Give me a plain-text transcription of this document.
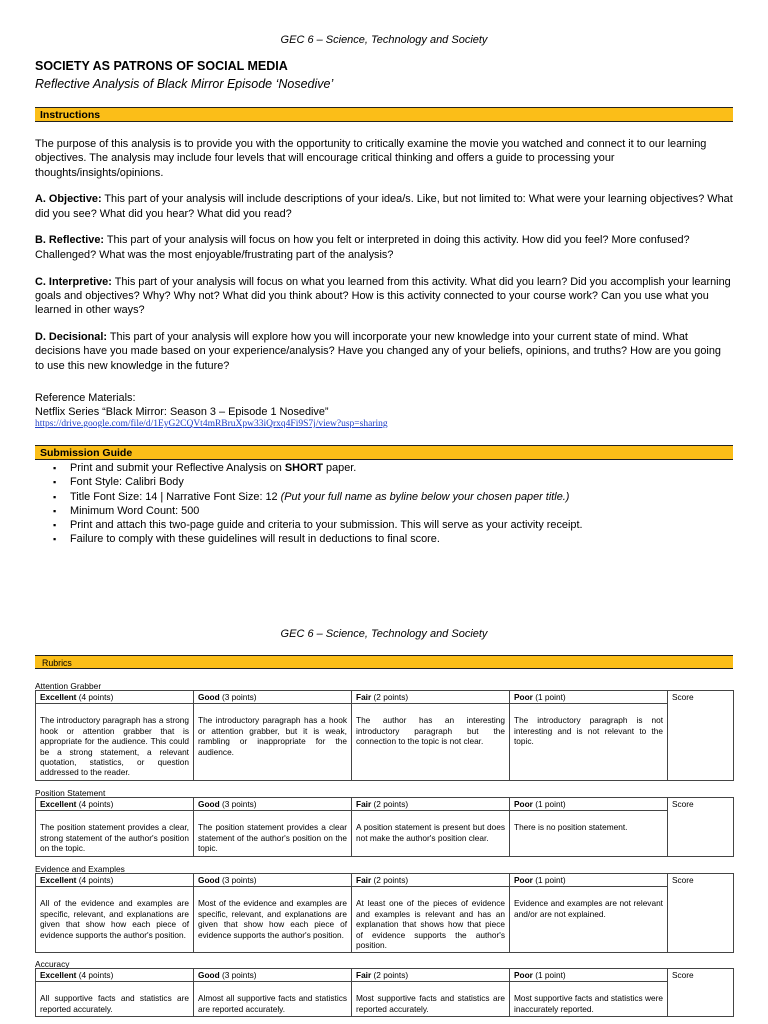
GEC 6 – Science, Technology and Society
SOCIETY AS PATRONS OF SOCIAL MEDIA
Reflective Analysis of Black Mirror Episode ‘Nosedive’
Instructions

The purpose of this analysis is to provide you with the opportunity to critically examine the movie you watched and connect it to our learning objectives. The analysis may include four levels that will encourage critical thinking and offers a guide to processing your thoughts/insights/opinions.

A. Objective: This part of your analysis will include descriptions of your idea/s. Like, but not limited to: What were your learning objectives? What did you see? What did you hear? What did you read?

B. Reflective: This part of your analysis will focus on how you felt or interpreted in doing this activity. How did you feel? More confused? Challenged? What was the most enjoyable/frustrating part of the analysis?

C. Interpretive: This part of your analysis will focus on what you learned from this activity. What did you learn? Did you accomplish your learning goals and objectives? Why? Why not? What did you think about? How is this activity connected to your course work? Can you use what you learned in other ways?

D. Decisional: This part of your analysis will explore how you will incorporate your new knowledge into your current state of mind. What decisions have you made based on your experience/analysis? Have you changed any of your beliefs, opinions, and truths? How are you going to use this new knowledge in the future?

Reference Materials:
Netflix Series “Black Mirror: Season 3 – Episode 1 Nosedive”
https://drive.google.com/file/d/1EyG2CQVt4mRBruXpw33iQrxq4Fi9S7j/view?usp=sharing
Submission Guide
▪ Print and submit your Reflective Analysis on SHORT paper.
▪ Font Style: Calibri Body
▪ Title Font Size: 14 | Narrative Font Size: 12 (Put your full name as byline below your chosen paper title.)
▪ Minimum Word Count: 500
▪ Print and attach this two-page guide and criteria to your submission. This will serve as your activity receipt.
▪ Failure to comply with these guidelines will result in deductions to final score.
GEC 6 – Science, Technology and Society
Rubrics
Attention Grabber
Excellent (4 points)	Good (3 points)	Fair (2 points)	Poor (1 point)	Score

The introductory paragraph has a strong hook or attention grabber that is appropriate for the audience. This could be a strong statement, a relevant quotation, statistics, or question addressed to the reader.	The introductory paragraph has a hook or attention grabber, but it is weak, rambling or inappropriate for the audience.	The author has an interesting introductory paragraph but the connection to the topic is not clear.	The introductory paragraph is not interesting and is not relevant to the topic.	
Position Statement
Excellent (4 points)	Good (3 points)	Fair (2 points)	Poor (1 point)	Score

The position statement provides a clear, strong statement of the author's position on the topic.	The position statement provides a clear statement of the author's position on the topic.	A position statement is present but does not make the author's position clear.	There is no position statement.	
Evidence and Examples
Excellent (4 points)	Good (3 points)	Fair (2 points)	Poor (1 point)	Score

All of the evidence and examples are specific, relevant, and explanations are given that show how each piece of evidence supports the author's position.	Most of the evidence and examples are specific, relevant, and explanations are given that show how each piece of evidence supports the author's position.	At least one of the pieces of evidence and examples is relevant and has an explanation that shows how that piece of evidence supports the author's position.	Evidence and examples are not relevant and/or are not explained.	
Accuracy
Excellent (4 points)	Good (3 points)	Fair (2 points)	Poor (1 point)	Score

All supportive facts and statistics are reported accurately.	Almost all supportive facts and statistics are reported accurately.	Most supportive facts and statistics are reported accurately.	Most supportive facts and statistics were inaccurately reported.	
